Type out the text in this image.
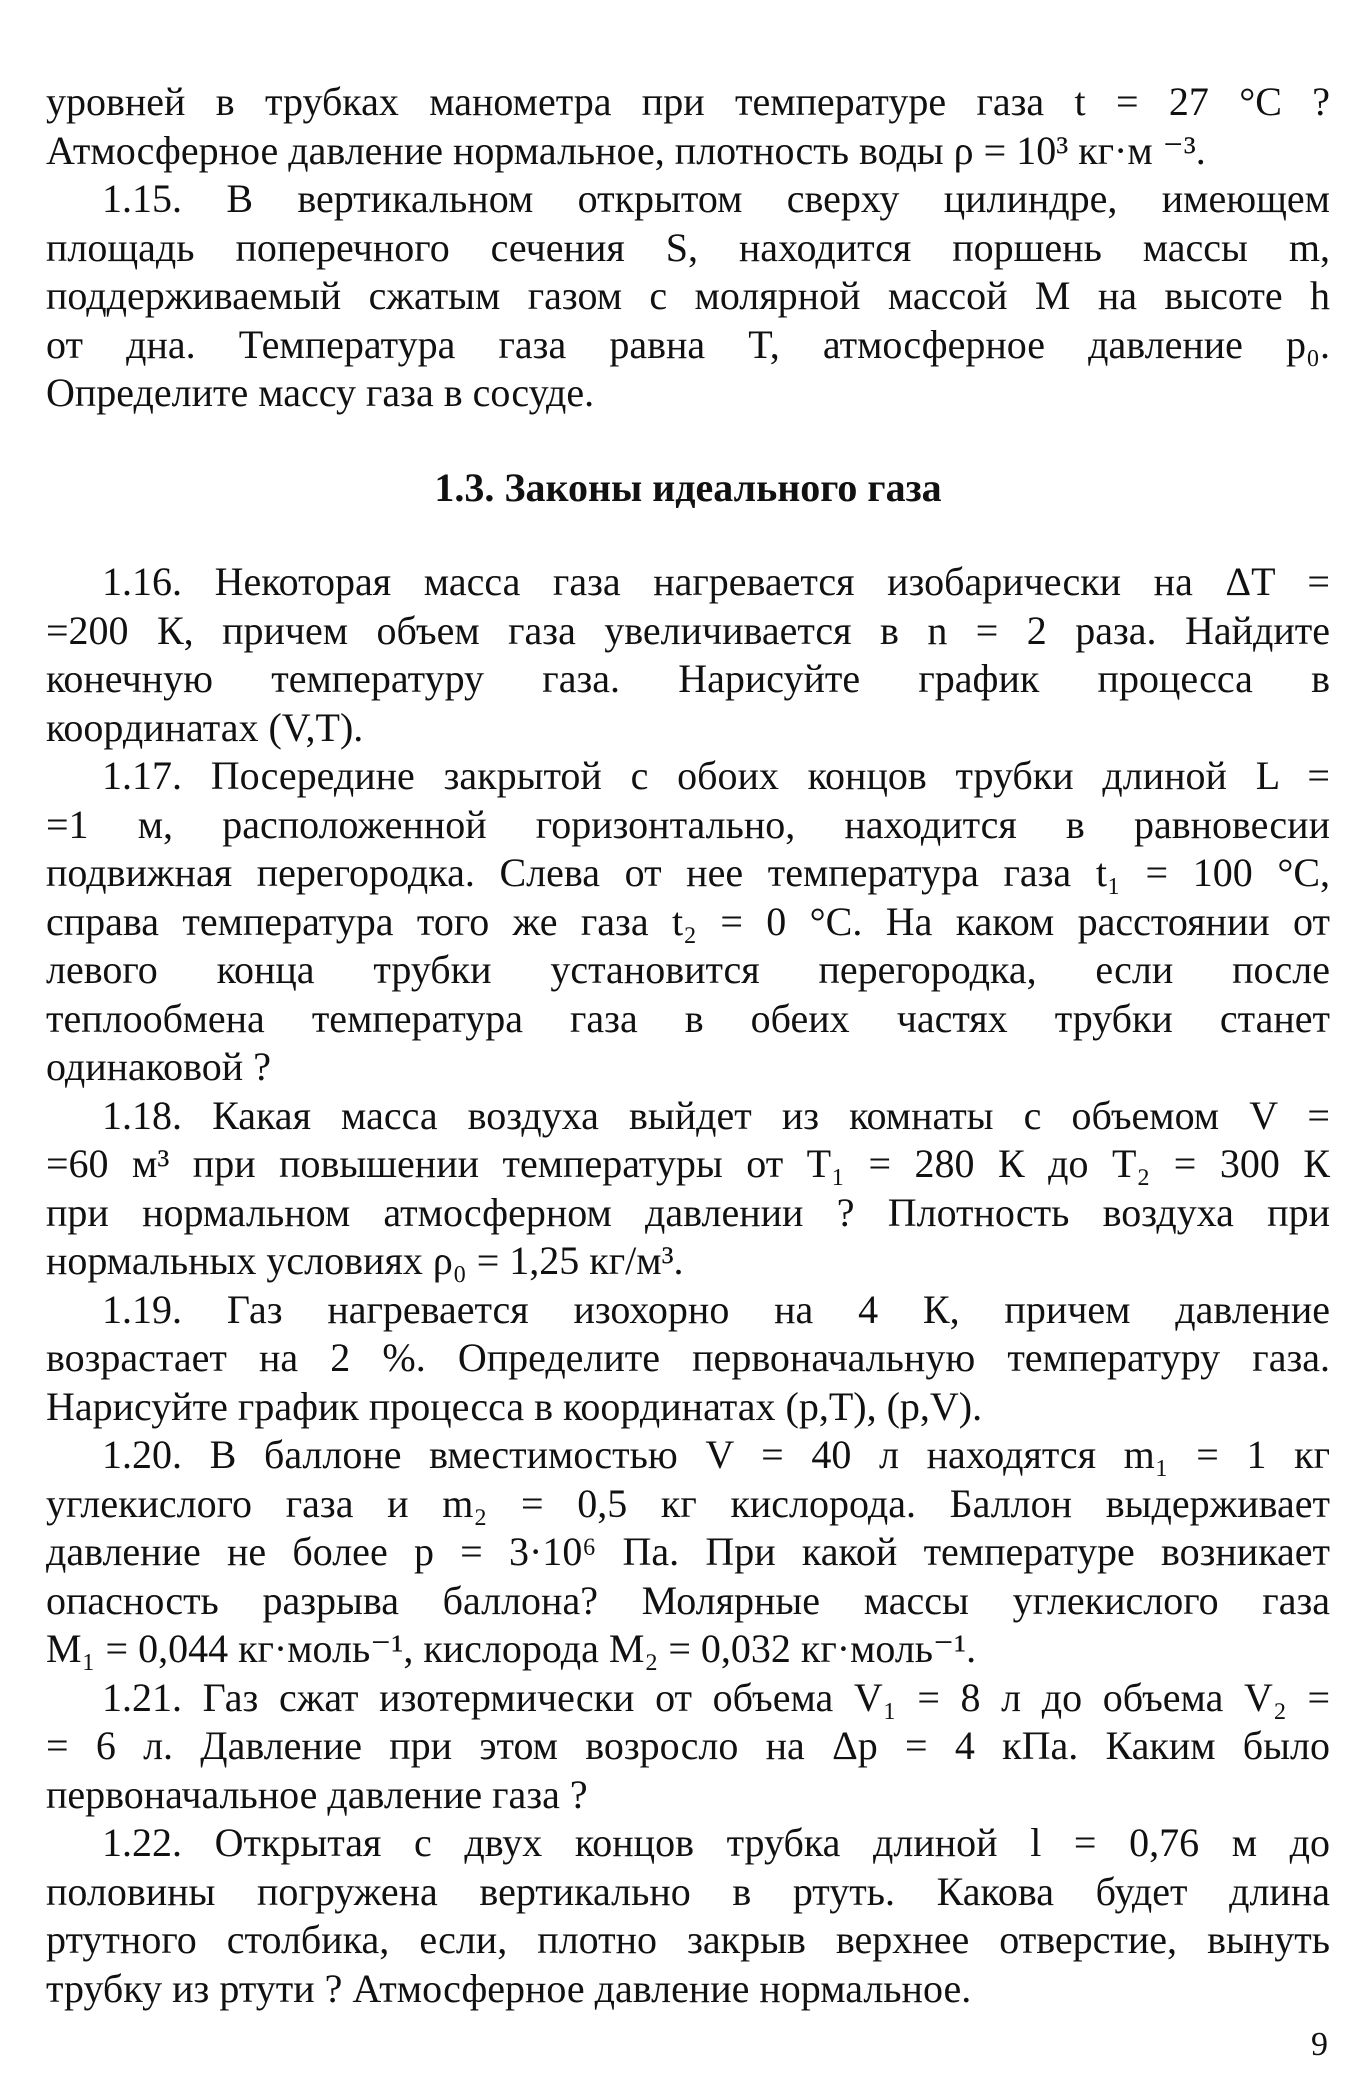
уровней в трубках манометра при температуре газа t = 27 °С ?
Атмосферное давление нормальное, плотность воды ρ = 10³ кг·м ⁻³.
1.15. В вертикальном открытом сверху цилиндре, имеющем
площадь поперечного сечения S, находится поршень массы m,
поддерживаемый сжатым газом с молярной массой M на высоте h
от дна. Температура газа равна T, атмосферное давление p₀.
Определите массу газа в сосуде.
1.3. Законы идеального газа
1.16. Некоторая масса газа нагревается изобарически на ΔT =
=200 К, причем объем газа увеличивается в n = 2 раза. Найдите
конечную температуру газа. Нарисуйте график процесса в
координатах (V,T).
1.17. Посередине закрытой с обоих концов трубки длиной L =
=1 м, расположенной горизонтально, находится в равновесии
подвижная перегородка. Слева от нее температура газа t₁ = 100 °С,
справа температура того же газа t₂ = 0 °С. На каком расстоянии от
левого конца трубки установится перегородка, если после
теплообмена температура газа в обеих частях трубки станет
одинаковой ?
1.18. Какая масса воздуха выйдет из комнаты с объемом V =
=60 м³ при повышении температуры от T₁ = 280 К до T₂ = 300 К
при нормальном атмосферном давлении ? Плотность воздуха при
нормальных условиях ρ₀ = 1,25 кг/м³.
1.19. Газ нагревается изохорно на 4 К, причем давление
возрастает на 2 %. Определите первоначальную температуру газа.
Нарисуйте график процесса в координатах (p,T), (p,V).
1.20. В баллоне вместимостью V = 40 л находятся m₁ = 1 кг
углекислого газа и m₂ = 0,5 кг кислорода. Баллон выдерживает
давление не более p = 3·10⁶ Па. При какой температуре возникает
опасность разрыва баллона? Молярные массы углекислого газа
M₁ = 0,044 кг·моль⁻¹, кислорода M₂ = 0,032 кг·моль⁻¹.
1.21. Газ сжат изотермически от объема V₁ = 8 л до объема V₂ =
= 6 л. Давление при этом возросло на Δp = 4 кПа. Каким было
первоначальное давление газа ?
1.22. Открытая с двух концов трубка длиной l = 0,76 м до
половины погружена вертикально в ртуть. Какова будет длина
ртутного столбика, если, плотно закрыв верхнее отверстие, вынуть
трубку из ртути ? Атмосферное давление нормальное.
9
